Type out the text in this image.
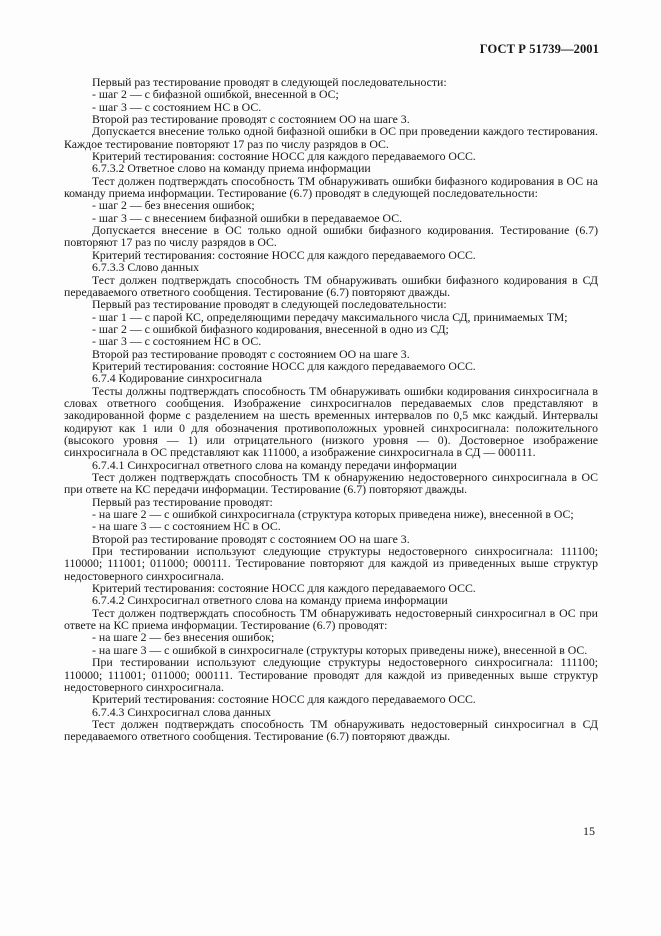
ГОСТ Р 51739—2001

Первый раз тестирование проводят в следующей последовательности:

- шаг 2 — с бифазной ошибкой, внесенной в ОС;

- шаг 3 — с состоянием НС в ОС.

Второй раз тестирование проводят с состоянием ОО на шаге 3.

Допускается внесение только одной бифазной ошибки в ОС при проведении каждого тестирования. Каждое тестирование повторяют 17 раз по числу разрядов в ОС.

Критерий тестирования: состояние НОСС для каждого передаваемого ОСС.

6.7.3.2 Ответное слово на команду приема информации

Тест должен подтверждать способность ТМ обнаруживать ошибки бифазного кодирования в ОС на команду приема информации. Тестирование (6.7) проводят в следующей последовательности:

- шаг 2 — без внесения ошибок;

- шаг 3 — с внесением бифазной ошибки в передаваемое ОС.

Допускается внесение в ОС только одной ошибки бифазного кодирования. Тестирование (6.7) повторяют 17 раз по числу разрядов в ОС.

Критерий тестирования: состояние НОСС для каждого передаваемого ОСС.

6.7.3.3 Слово данных

Тест должен подтверждать способность ТМ обнаруживать ошибки бифазного кодирования в СД передаваемого ответного сообщения. Тестирование (6.7) повторяют дважды.

Первый раз тестирование проводят в следующей последовательности:

- шаг 1 — с парой КС, определяющими передачу максимального числа СД, принимаемых ТМ;

- шаг 2 — с ошибкой бифазного кодирования, внесенной в одно из СД;

- шаг 3 — с состоянием НС в ОС.

Второй раз тестирование проводят с состоянием ОО на шаге 3.

Критерий тестирования: состояние НОСС для каждого передаваемого ОСС.

6.7.4 Кодирование синхросигнала

Тесты должны подтверждать способность ТМ обнаруживать ошибки кодирования синхросигнала в словах ответного сообщения. Изображение синхросигналов передаваемых слов представляют в закодированной форме с разделением на шесть временных интервалов по 0,5 мкс каждый. Интервалы кодируют как 1 или 0 для обозначения противоположных уровней синхросигнала: положительного (высокого уровня — 1) или отрицательного (низкого уровня — 0). Достоверное изображение синхросигнала в ОС представляют как 111000, а изображение синхросигнала в СД — 000111.

6.7.4.1 Синхросигнал ответного слова на команду передачи информации

Тест должен подтверждать способность ТМ к обнаружению недостоверного синхросигнала в ОС при ответе на КС передачи информации. Тестирование (6.7) повторяют дважды.

Первый раз тестирование проводят:

- на шаге 2 — с ошибкой синхросигнала (структура которых приведена ниже), внесенной в ОС;

- на шаге 3 — с состоянием НС в ОС.

Второй раз тестирование проводят с состоянием ОО на шаге 3.

При тестировании используют следующие структуры недостоверного синхросигнала: 111100; 110000; 111001; 011000; 000111. Тестирование повторяют для каждой из приведенных выше структур недостоверного синхросигнала.

Критерий тестирования: состояние НОСС для каждого передаваемого ОСС.

6.7.4.2 Синхросигнал ответного слова на команду приема информации

Тест должен подтверждать способность ТМ обнаруживать недостоверный синхросигнал в ОС при ответе на КС приема информации. Тестирование (6.7) проводят:

- на шаге 2 — без внесения ошибок;

- на шаге 3 — с ошибкой в синхросигнале (структуры которых приведены ниже), внесенной в ОС.

При тестировании используют следующие структуры недостоверного синхросигнала: 111100; 110000; 111001; 011000; 000111. Тестирование проводят для каждой из приведенных выше структур недостоверного синхросигнала.

Критерий тестирования: состояние НОСС для каждого передаваемого ОСС.

6.7.4.3 Синхросигнал слова данных

Тест должен подтверждать способность ТМ обнаруживать недостоверный синхросигнал в СД передаваемого ответного сообщения. Тестирование (6.7) повторяют дважды.

15
